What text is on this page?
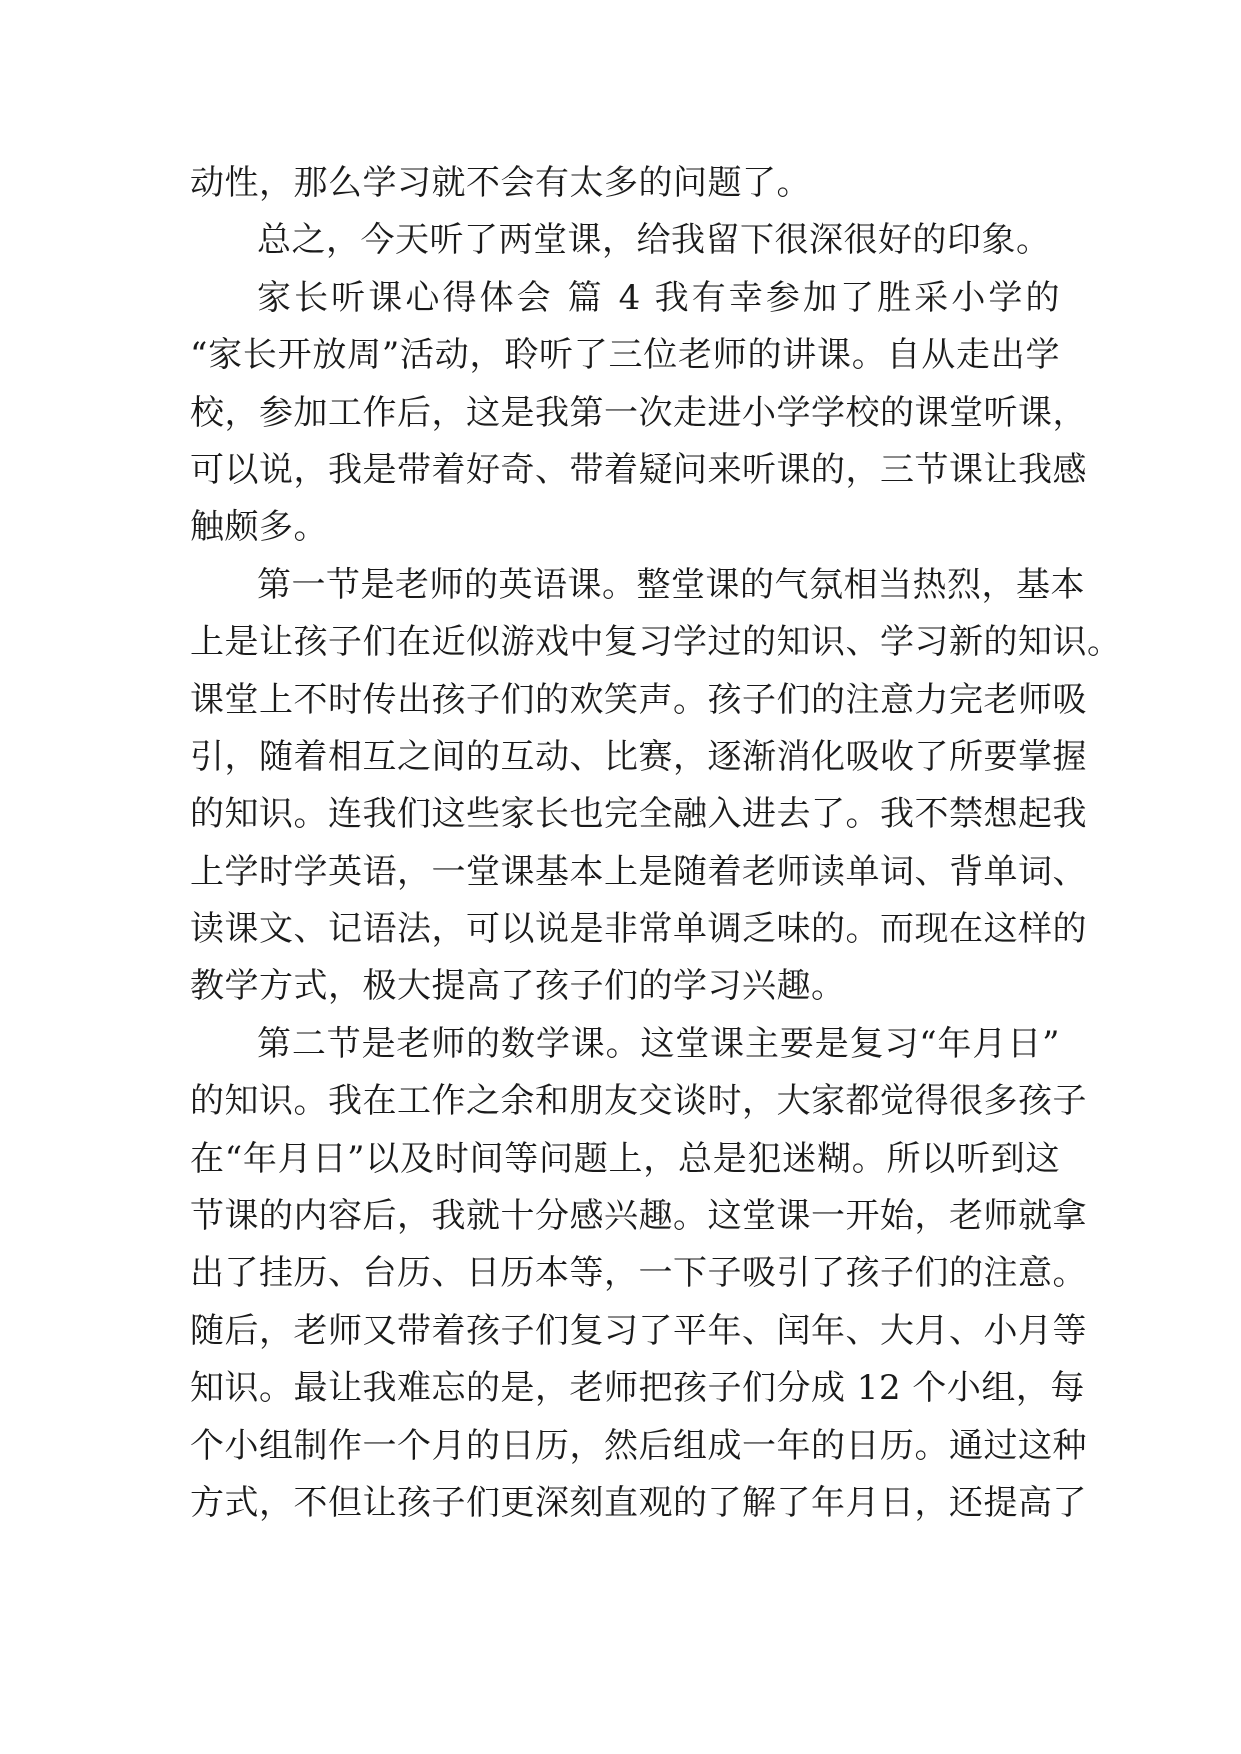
动性，那么学习就不会有太多的问题了。
总之，今天听了两堂课，给我留下很深很好的印象。
家长听课心得体会 篇 4 我有幸参加了胜采小学的
“家长开放周”活动，聆听了三位老师的讲课。自从走出学
校，参加工作后，这是我第一次走进小学学校的课堂听课，
可以说，我是带着好奇、带着疑问来听课的，三节课让我感
触颇多。
第一节是老师的英语课。整堂课的气氛相当热烈，基本
上是让孩子们在近似游戏中复习学过的知识、学习新的知识。
课堂上不时传出孩子们的欢笑声。孩子们的注意力完老师吸
引，随着相互之间的互动、比赛，逐渐消化吸收了所要掌握
的知识。连我们这些家长也完全融入进去了。我不禁想起我
上学时学英语，一堂课基本上是随着老师读单词、背单词、
读课文、记语法，可以说是非常单调乏味的。而现在这样的
教学方式，极大提高了孩子们的学习兴趣。
第二节是老师的数学课。这堂课主要是复习“年月日”
的知识。我在工作之余和朋友交谈时，大家都觉得很多孩子
在“年月日”以及时间等问题上，总是犯迷糊。所以听到这
节课的内容后，我就十分感兴趣。这堂课一开始，老师就拿
出了挂历、台历、日历本等，一下子吸引了孩子们的注意。
随后，老师又带着孩子们复习了平年、闰年、大月、小月等
知识。最让我难忘的是，老师把孩子们分成 12 个小组，每
个小组制作一个月的日历，然后组成一年的日历。通过这种
方式，不但让孩子们更深刻直观的了解了年月日，还提高了
